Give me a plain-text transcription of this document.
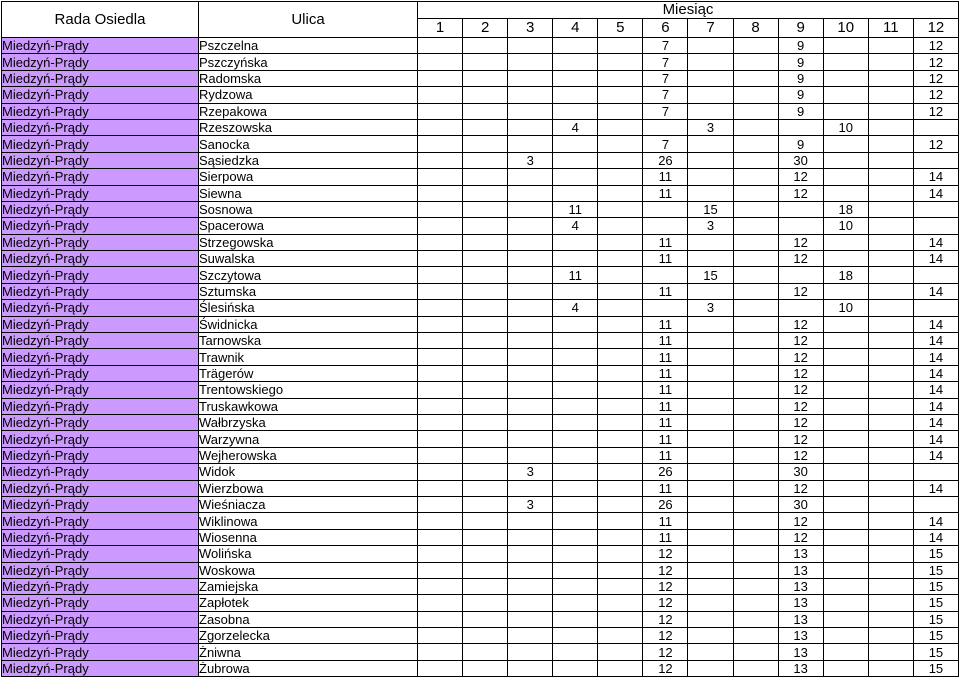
Rada Osiedla	Ulica	Miesiąc											
		1	2	3	4	5	6	7	8	9	10	11	12
Miedzyń-Prądy	Pszczelna						7			9			12
Miedzyń-Prądy	Pszczyńska						7			9			12
Miedzyń-Prądy	Radomska						7			9			12
Miedzyń-Prądy	Rydzowa						7			9			12
Miedzyń-Prądy	Rzepakowa						7			9			12
Miedzyń-Prądy	Rzeszowska				4			3			10		
Miedzyń-Prądy	Sanocka						7			9			12
Miedzyń-Prądy	Sąsiedzka			3			26			30			
Miedzyń-Prądy	Sierpowa						11			12			14
Miedzyń-Prądy	Siewna						11			12			14
Miedzyń-Prądy	Sosnowa				11			15			18		
Miedzyń-Prądy	Spacerowa				4			3			10		
Miedzyń-Prądy	Strzegowska						11			12			14
Miedzyń-Prądy	Suwalska						11			12			14
Miedzyń-Prądy	Szczytowa				11			15			18		
Miedzyń-Prądy	Sztumska						11			12			14
Miedzyń-Prądy	Ślesińska				4			3			10		
Miedzyń-Prądy	Świdnicka						11			12			14
Miedzyń-Prądy	Tarnowska						11			12			14
Miedzyń-Prądy	Trawnik						11			12			14
Miedzyń-Prądy	Trägerów						11			12			14
Miedzyń-Prądy	Trentowskiego						11			12			14
Miedzyń-Prądy	Truskawkowa						11			12			14
Miedzyń-Prądy	Wałbrzyska						11			12			14
Miedzyń-Prądy	Warzywna						11			12			14
Miedzyń-Prądy	Wejherowska						11			12			14
Miedzyń-Prądy	Widok			3			26			30			
Miedzyń-Prądy	Wierzbowa						11			12			14
Miedzyń-Prądy	Wieśniacza			3			26			30			
Miedzyń-Prądy	Wiklinowa						11			12			14
Miedzyń-Prądy	Wiosenna						11			12			14
Miedzyń-Prądy	Wolińska						12			13			15
Miedzyń-Prądy	Woskowa						12			13			15
Miedzyń-Prądy	Zamiejska						12			13			15
Miedzyń-Prądy	Zapłotek						12			13			15
Miedzyń-Prądy	Zasobna						12			13			15
Miedzyń-Prądy	Zgorzelecka						12			13			15
Miedzyń-Prądy	Żniwna						12			13			15
Miedzyń-Prądy	Żubrowa						12			13			15
